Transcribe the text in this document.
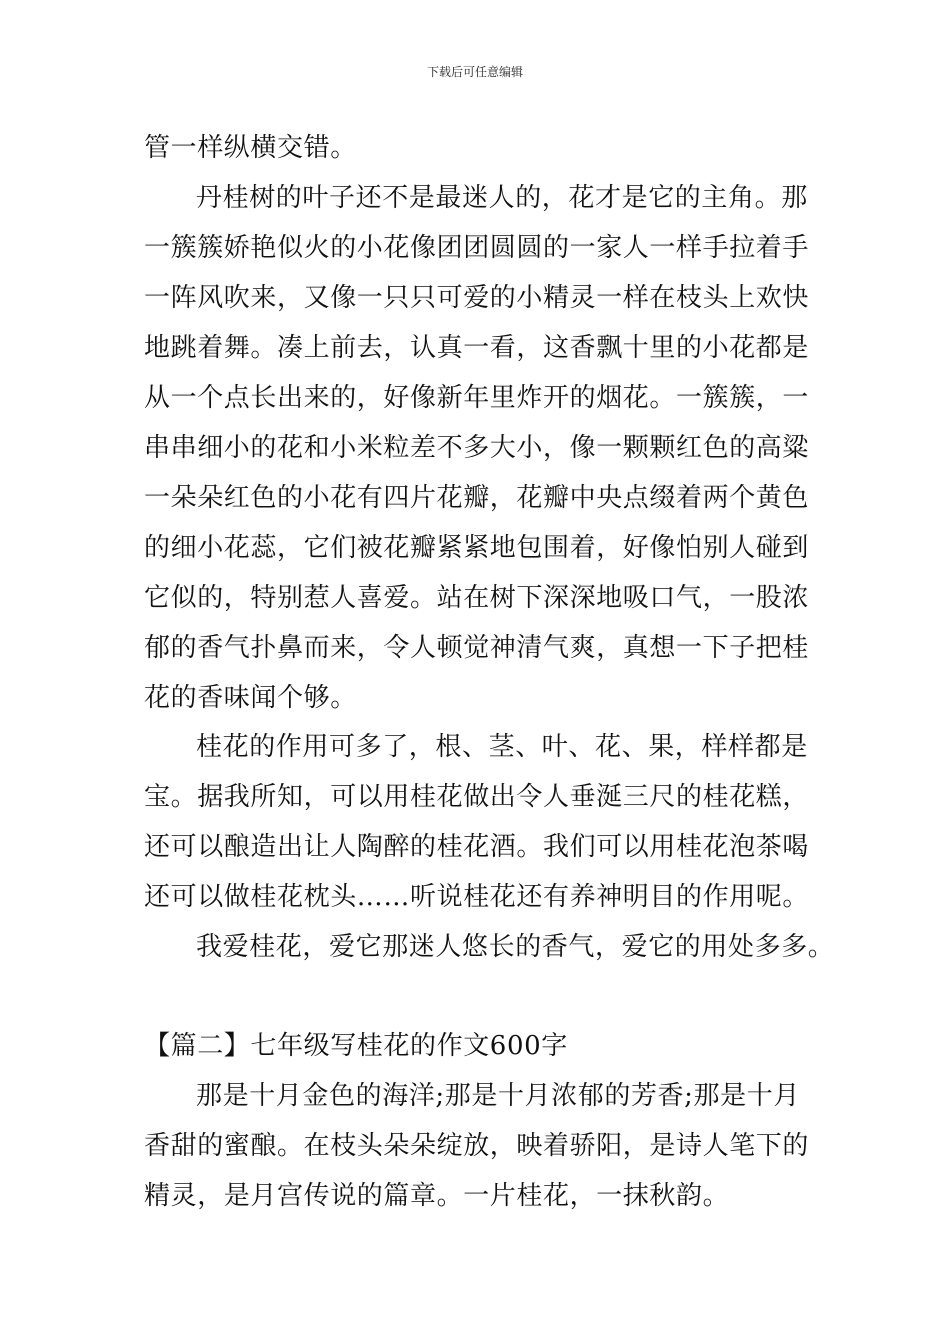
下载后可任意编辑
管一样纵横交错。
丹桂树的叶子还不是最迷人的，花才是它的主角。那
一簇簇娇艳似火的小花像团团圆圆的一家人一样手拉着手
一阵风吹来，又像一只只可爱的小精灵一样在枝头上欢快
地跳着舞。凑上前去，认真一看，这香飘十里的小花都是
从一个点长出来的，好像新年里炸开的烟花。一簇簇，一
串串细小的花和小米粒差不多大小，像一颗颗红色的高粱
一朵朵红色的小花有四片花瓣，花瓣中央点缀着两个黄色
的细小花蕊，它们被花瓣紧紧地包围着，好像怕别人碰到
它似的，特别惹人喜爱。站在树下深深地吸口气，一股浓
郁的香气扑鼻而来，令人顿觉神清气爽，真想一下子把桂
花的香味闻个够。
桂花的作用可多了，根、茎、叶、花、果，样样都是
宝。据我所知，可以用桂花做出令人垂涎三尺的桂花糕，
还可以酿造出让人陶醉的桂花酒。我们可以用桂花泡茶喝
还可以做桂花枕头……听说桂花还有养神明目的作用呢。
我爱桂花，爱它那迷人悠长的香气，爱它的用处多多。
【篇二】七年级写桂花的作文600字
那是十月金色的海洋;那是十月浓郁的芳香;那是十月
香甜的蜜酿。在枝头朵朵绽放，映着骄阳，是诗人笔下的
精灵，是月宫传说的篇章。一片桂花，一抹秋韵。
